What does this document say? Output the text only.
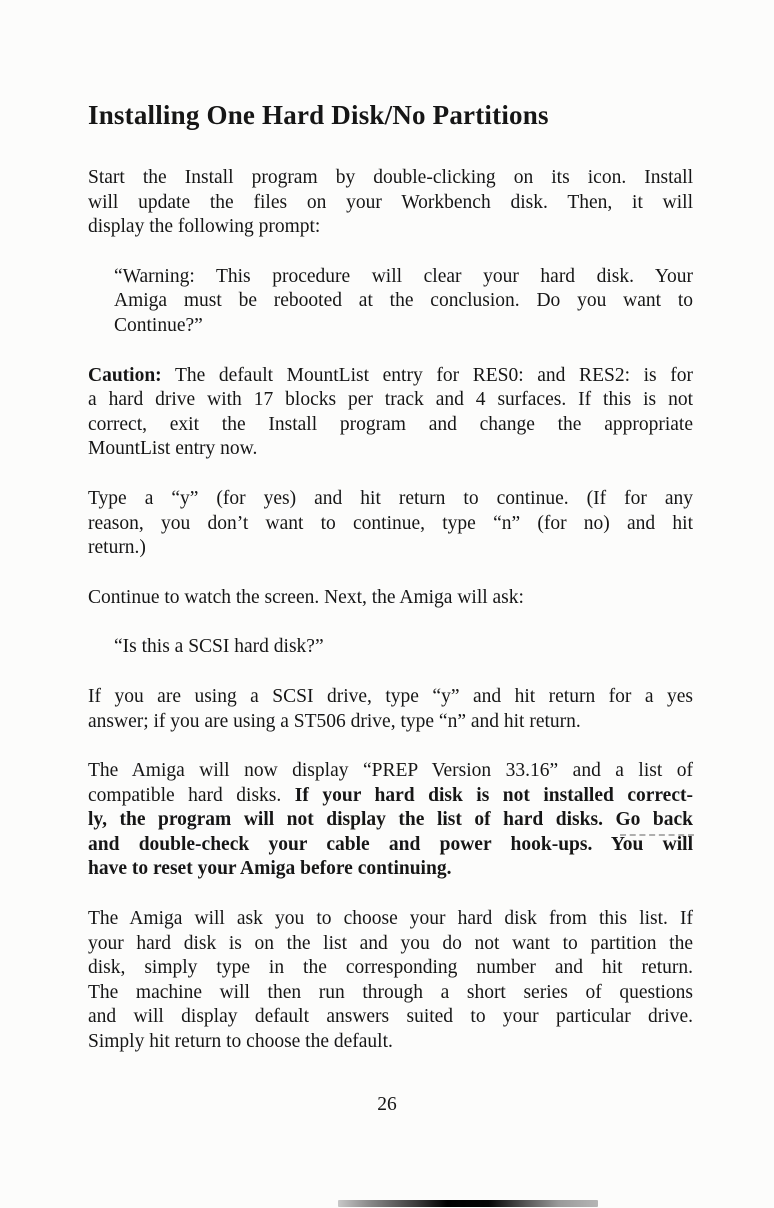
Installing One Hard Disk/No Partitions
Start the Install program by double-clicking on its icon. Install
will update the files on your Workbench disk. Then, it will
display the following prompt:
“Warning: This procedure will clear your hard disk. Your
Amiga must be rebooted at the conclusion. Do you want to
Continue?”
Caution: The default MountList entry for RES0: and RES2: is for
a hard drive with 17 blocks per track and 4 surfaces. If this is not
correct, exit the Install program and change the appropriate
MountList entry now.
Type a “y” (for yes) and hit return to continue. (If for any
reason, you don’t want to continue, type “n” (for no) and hit
return.)
Continue to watch the screen. Next, the Amiga will ask:
“Is this a SCSI hard disk?”
If you are using a SCSI drive, type “y” and hit return for a yes
answer; if you are using a ST506 drive, type “n” and hit return.
The Amiga will now display “PREP Version 33.16” and a list of
compatible hard disks. If your hard disk is not installed correct-
ly, the program will not display the list of hard disks. Go back
and double-check your cable and power hook-ups. You will
have to reset your Amiga before continuing.
The Amiga will ask you to choose your hard disk from this list. If
your hard disk is on the list and you do not want to partition the
disk, simply type in the corresponding number and hit return.
The machine will then run through a short series of questions
and will display default answers suited to your particular drive.
Simply hit return to choose the default.
26
